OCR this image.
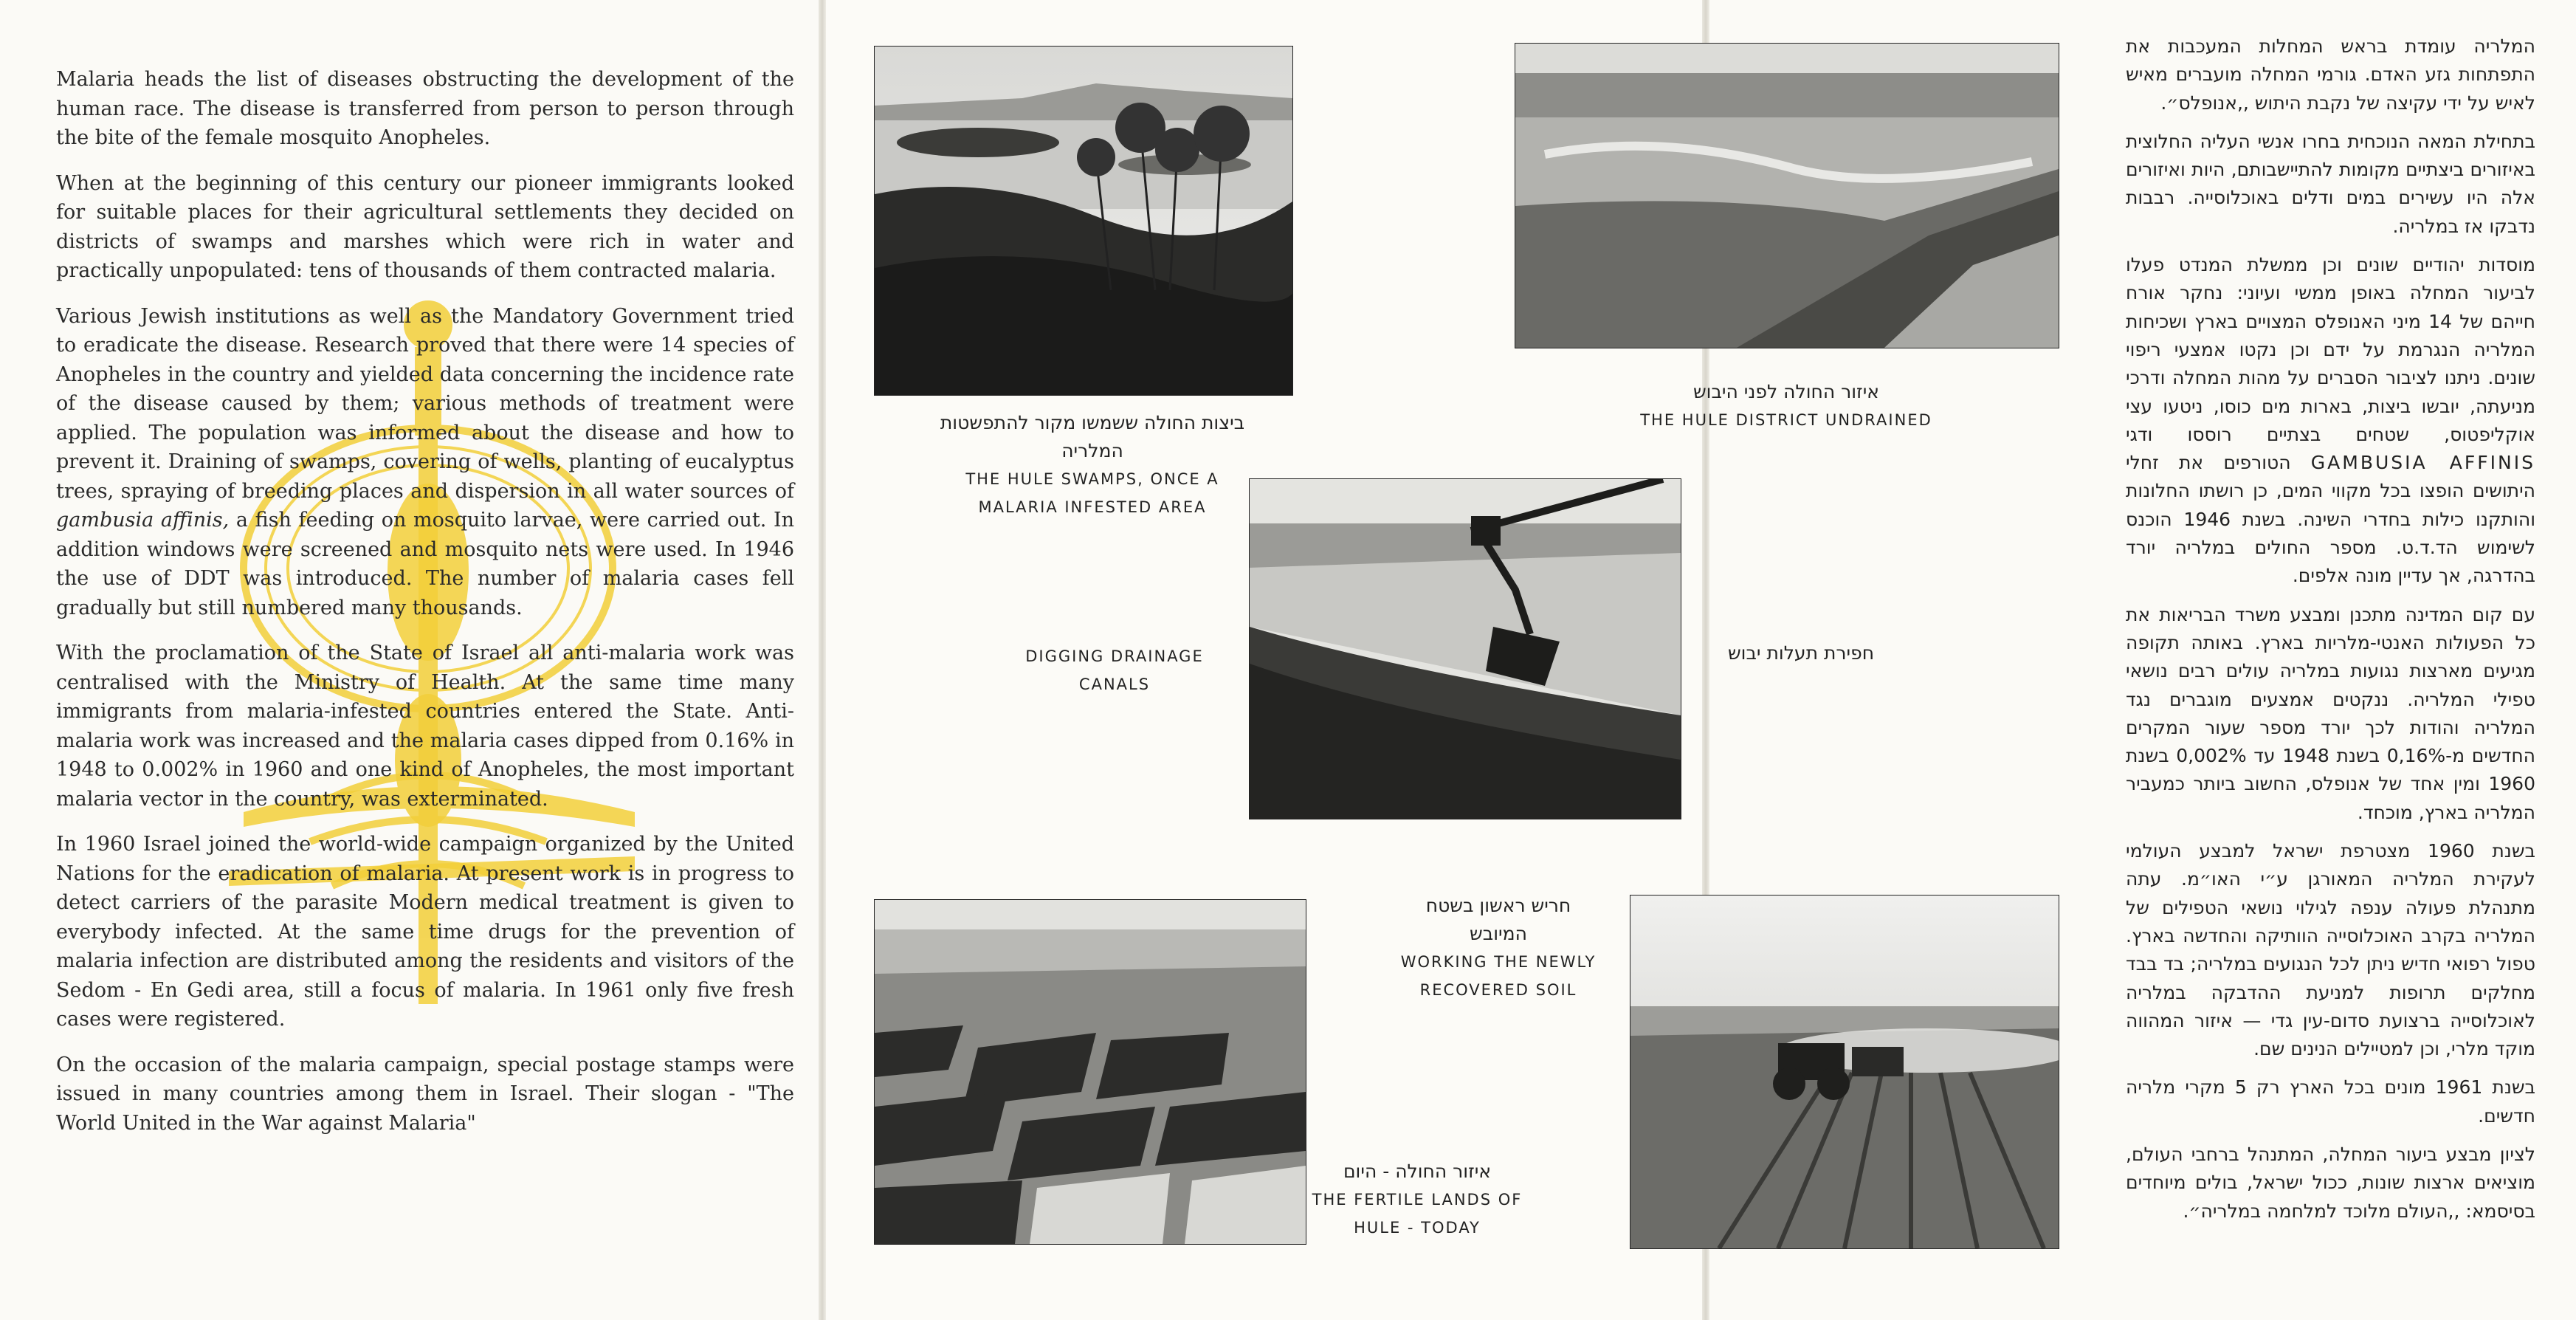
Malaria heads the list of diseases obstructing the development of the human race. The disease is transferred from person to person through the bite of the female mosquito Anopheles.

When at the beginning of this century our pioneer immigrants looked for suitable places for their agricultural settlements they decided on districts of swamps and marshes which were rich in water and practically unpopulated: tens of thousands of them contracted malaria.

Various Jewish institutions as well as the Mandatory Government tried to eradicate the disease. Research proved that there were 14 species of Anopheles in the country and yielded data concerning the incidence rate of the disease caused by them; various methods of treatment were applied. The population was informed about the disease and how to prevent it. Draining of swamps, covering of wells, planting of eucalyptus trees, spraying of breeding places and dispersion in all water sources of gambusia affinis, a fish feeding on mosquito larvae, were carried out. In addition windows were screened and mosquito nets were used. In 1946 the use of DDT was introduced. The number of malaria cases fell gradually but still numbered many thousands.

With the proclamation of the State of Israel all anti-malaria work was centralised with the Ministry of Health. At the same time many immigrants from malaria-infested countries entered the State. Anti-malaria work was increased and the malaria cases dipped from 0.16% in 1948 to 0.002% in 1960 and one kind of Anopheles, the most important malaria vector in the country, was exterminated.

In 1960 Israel joined the world-wide campaign organized by the United Nations for the eradication of malaria. At present work is in progress to detect carriers of the parasite Modern medical treatment is given to everybody infected. At the same time drugs for the prevention of malaria infection are distributed among the residents and visitors of the Sedom - En Gedi area, still a focus of malaria. In 1961 only five fresh cases were registered.

On the occasion of the malaria campaign, special postage stamps were issued in many countries among them in Israel. Their slogan - "The World United in the War against Malaria"

ביצות החולה ששמשו מקור להתפשטות המלריה
THE HULE SWAMPS, ONCE A
MALARIA INFESTED AREA
איזור החולה לפני היבוש
THE HULE DISTRICT UNDRAINED
DIGGING DRAINAGE
CANALS
חפירת תעלות יבוש
איזור החולה - היום
THE FERTILE LANDS OF
HULE - TODAY
חריש ראשון בשטח
המיובש
WORKING THE NEWLY
RECOVERED SOIL

המלריה עומדת בראש המחלות המעכבות את התפתחות גזע האדם. גורמי המחלה מועברים מאיש לאיש על ידי עקיצה של נקבת היתוש ,,אנופלס״.

בתחילת המאה הנוכחית בחרו אנשי העליה החלוצית באיזורים ביצתיים מקומות להתיישבותם, היות ואיזורים אלה היו עשירים במים ודלים באוכלוסייה. רבבות נדבקו אז במלריה.

מוסדות יהודיים שונים וכן ממשלת המנדט פעלו לביעור המחלה באופן ממשי ועיוני: נחקר אורח חייהם של 14 מיני האנופלס המצויים בארץ ושכיחות המלריה הנגרמת על ידם וכן נקטו אמצעי ריפוי שונים. ניתנו לציבור הסברים על מהות המחלה ודרכי מניעתה, יובשו ביצות, בארות מים כוסו, ניטעו עצי אוקליפטוס, שטחים בצתיים רוססו ודגי GAMBUSIA AFFINIS הטורפים את זחלי היתושים הופצו בכל מקווי המים, כן רושתו החלונות והותקנו כילות בחדרי השינה. בשנת 1946 הוכנס לשימוש הד.ד.ט. מספר החולים במלריה יורד בהדרגה, אך עדיין מונה אלפים.

עם קום המדינה מתכנן ומבצע משרד הבריאות את כל הפעולות האנטי-מלריות בארץ. באותה תקופה מגיעים מארצות נגועות במלריה עולים רבים נושאי טפילי המלריה. ננקטים אמצעים מוגברים נגד המלריה והודות לכך יורד מספר שעור המקרים החדשים מ-0,16% בשנת 1948 עד 0,002% בשנת 1960 ומין אחד של אנופלס, החשוב ביותר כמעביר המלריה בארץ, מוכחד.

בשנת 1960 מצטרפת ישראל למבצע העולמי לעקירת המלריה המאורגן ע״י האו״מ. עתה מתנהלת פעולה ענפה לגילוי נושאי הטפילים של המלריה בקרב האוכלוסייה הוותיקה והחדשה בארץ. טפול רפואי חדיש ניתן לכל הנגועים במלריה; בד בבד מחלקים תרופות למניעת ההדבקה במלריה לאוכלוסייה ברצועת סדום-עין גדי — איזור המהווה מוקד מלרי, וכן למטיילים הנינים שם.

בשנת 1961 מונים בכל הארץ רק 5 מקרי מלריה חדשים.

לציון מבצע ביעור המחלה, המתנהל ברחבי העולם, מוציאים ארצות שונות, ככול ישראל, בולים מיוחדים בסיסמא: ,,העולם מלוכד למלחמה במלריה״.
